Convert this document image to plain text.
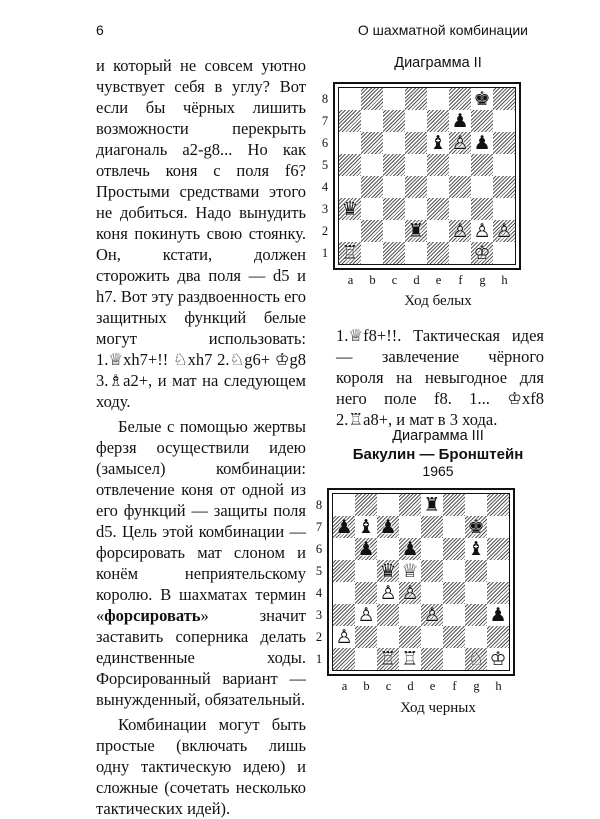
6	О шахматной комбинации

и который не совсем уютно чувствует себя в углу? Вот если бы чёрных лишить возможности перекрыть диагональ a2-g8... Но как отвлечь коня с поля f6? Простыми средствами этого не добиться. Надо вынудить коня покинуть свою стоянку. Он, кстати, должен сторожить два поля — d5 и h7. Вот эту раздвоенность его защитных функций белые могут использовать: 1.♕xh7+!! ♘xh7 2.♘g6+ ♔g8 3.♗a2+, и мат на следующем ходу.

Белые с помощью жертвы ферзя осуществили идею (замысел) комбинации: отвлечение коня от одной из его функций — защиты поля d5. Цель этой комбинации — форсировать мат слоном и конём неприятельскому королю. В шахматах термин «форсировать» значит заставить соперника делать единственные ходы. Форсированный вариант — вынужденный, обязательный.

Комбинации могут быть простые (включать лишь одну тактическую идею) и сложные (сочетать несколько тактических идей).

Диаграмма II
♚
♟
♝ ♙ ♟
♛
♜ ♙ ♙ ♙
♖	♔
Ход белых

1.♕f8+!!. Тактическая идея — завлечение чёрного короля на невыгодное для него поле f8. 1... ♔xf8 2.♖a8+, и мат в 3 хода.

Диаграмма III
Бакулин — Бронштейн
1965
♜
♟ ♝ ♟	♚
♟ ♟	♝
♛ ♕
♙ ♙
♙	♙	♟
♙
♖ ♖	♘ ♔
Ход черных
8
7
6
5
4
3
2
1
a	b	c	d	e	f	g	h
8
7
6
5
4
3
2
1
a	b	c	d	e	f	g	h
